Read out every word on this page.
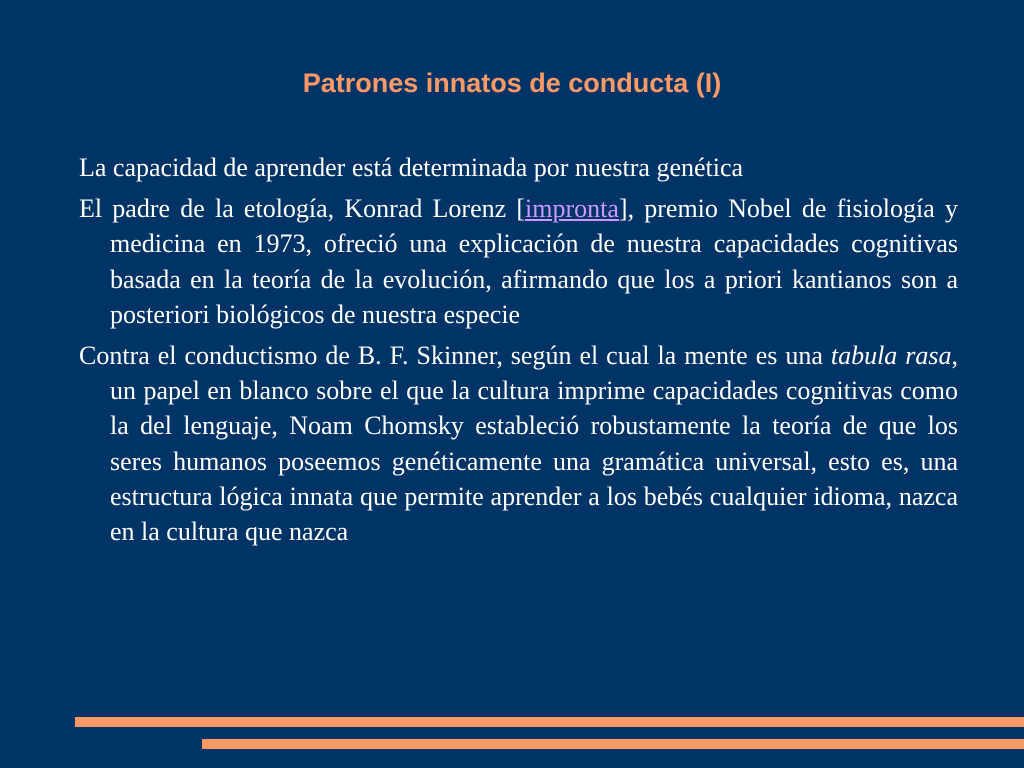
Patrones innatos de conducta (I)

La capacidad de aprender está determinada por nuestra genética

El padre de la etología, Konrad Lorenz [impronta], premio Nobel de fisiología y medicina en 1973, ofreció una explicación de nuestra capacidades cognitivas basada en la teoría de la evolución, afirmando que los a priori kantianos son a posteriori biológicos de nuestra especie

Contra el conductismo de B. F. Skinner, según el cual la mente es una tabula rasa, un papel en blanco sobre el que la cultura imprime capacidades cognitivas como la del lenguaje, Noam Chomsky estableció robustamente la teoría de que los seres humanos poseemos genéticamente una gramática universal, esto es, una estructura lógica innata que permite aprender a los bebés cualquier idioma, nazca en la cultura que nazca
